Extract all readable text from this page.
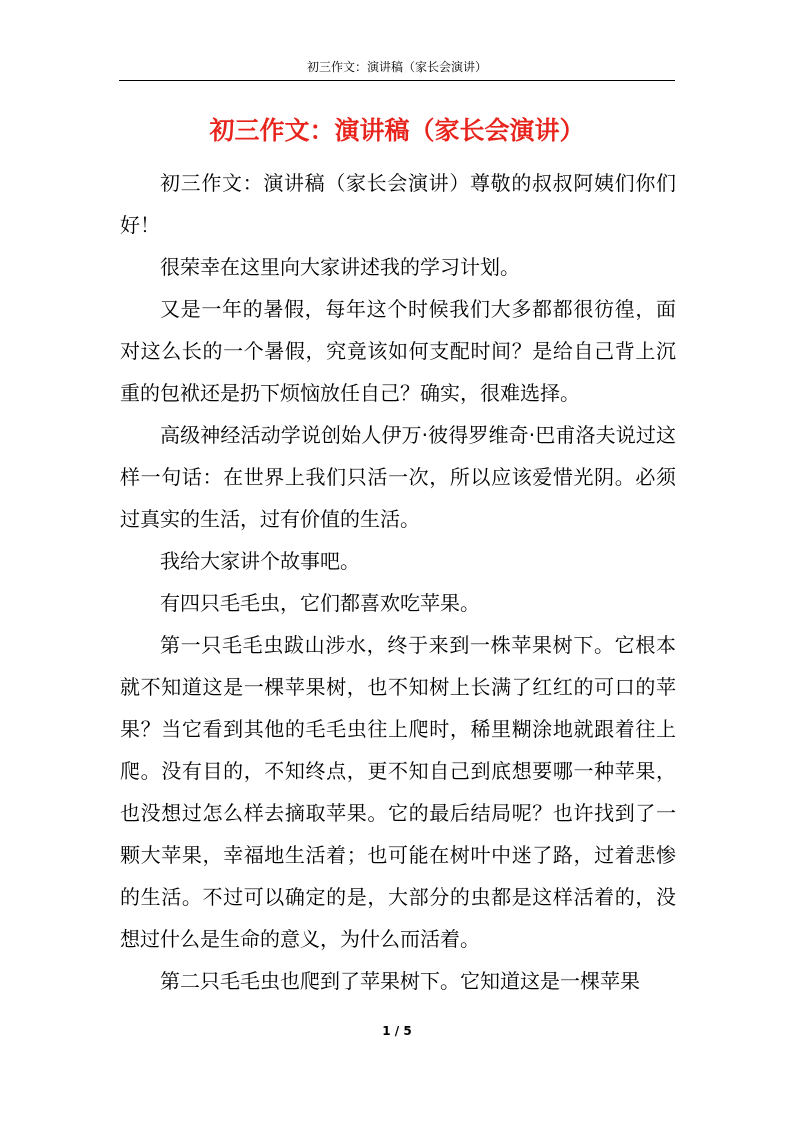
初三作文：演讲稿（家长会演讲）
初三作文：演讲稿（家长会演讲）

初三作文：演讲稿（家长会演讲）尊敬的叔叔阿姨们你们好！

很荣幸在这里向大家讲述我的学习计划。

又是一年的暑假，每年这个时候我们大多都都很彷徨，面对这么长的一个暑假，究竟该如何支配时间？是给自己背上沉重的包袱还是扔下烦恼放任自己？确实，很难选择。

高级神经活动学说创始人伊万·彼得罗维奇·巴甫洛夫说过这样一句话：在世界上我们只活一次，所以应该爱惜光阴。必须过真实的生活，过有价值的生活。

我给大家讲个故事吧。

有四只毛毛虫，它们都喜欢吃苹果。

第一只毛毛虫跋山涉水，终于来到一株苹果树下。它根本就不知道这是一棵苹果树，也不知树上长满了红红的可口的苹果？当它看到其他的毛毛虫往上爬时，稀里糊涂地就跟着往上爬。没有目的，不知终点，更不知自己到底想要哪一种苹果，也没想过怎么样去摘取苹果。它的最后结局呢？也许找到了一颗大苹果，幸福地生活着；也可能在树叶中迷了路，过着悲惨的生活。不过可以确定的是，大部分的虫都是这样活着的，没想过什么是生命的意义，为什么而活着。

第二只毛毛虫也爬到了苹果树下。它知道这是一棵苹果

1 / 5
